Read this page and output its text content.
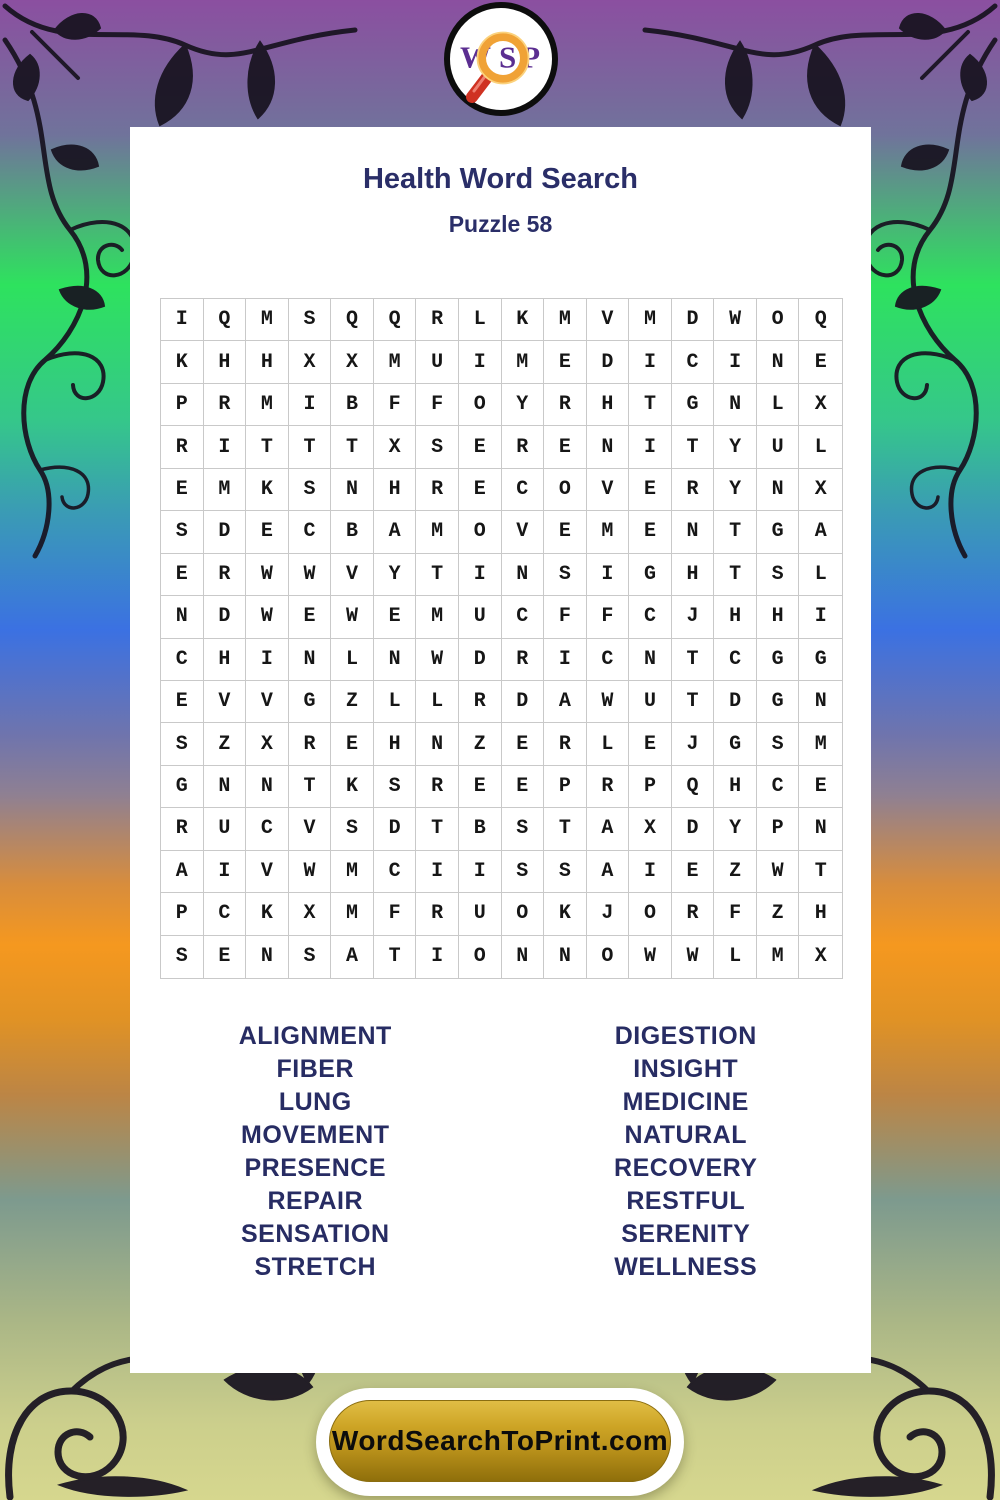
W S P
Health Word Search
Puzzle 58
I	Q	M	S	Q	Q	R	L	K	M	V	M	D	W	O	Q
K	H	H	X	X	M	U	I	M	E	D	I	C	I	N	E
P	R	M	I	B	F	F	O	Y	R	H	T	G	N	L	X
R	I	T	T	T	X	S	E	R	E	N	I	T	Y	U	L
E	M	K	S	N	H	R	E	C	O	V	E	R	Y	N	X
S	D	E	C	B	A	M	O	V	E	M	E	N	T	G	A
E	R	W	W	V	Y	T	I	N	S	I	G	H	T	S	L
N	D	W	E	W	E	M	U	C	F	F	C	J	H	H	I
C	H	I	N	L	N	W	D	R	I	C	N	T	C	G	G
E	V	V	G	Z	L	L	R	D	A	W	U	T	D	G	N
S	Z	X	R	E	H	N	Z	E	R	L	E	J	G	S	M
G	N	N	T	K	S	R	E	E	P	R	P	Q	H	C	E
R	U	C	V	S	D	T	B	S	T	A	X	D	Y	P	N
A	I	V	W	M	C	I	I	S	S	A	I	E	Z	W	T
P	C	K	X	M	F	R	U	O	K	J	O	R	F	Z	H
S	E	N	S	A	T	I	O	N	N	O	W	W	L	M	X
ALIGNMENT
FIBER
LUNG
MOVEMENT
PRESENCE
REPAIR
SENSATION
STRETCH
DIGESTION
INSIGHT
MEDICINE
NATURAL
RECOVERY
RESTFUL
SERENITY
WELLNESS
WordSearchToPrint.com
